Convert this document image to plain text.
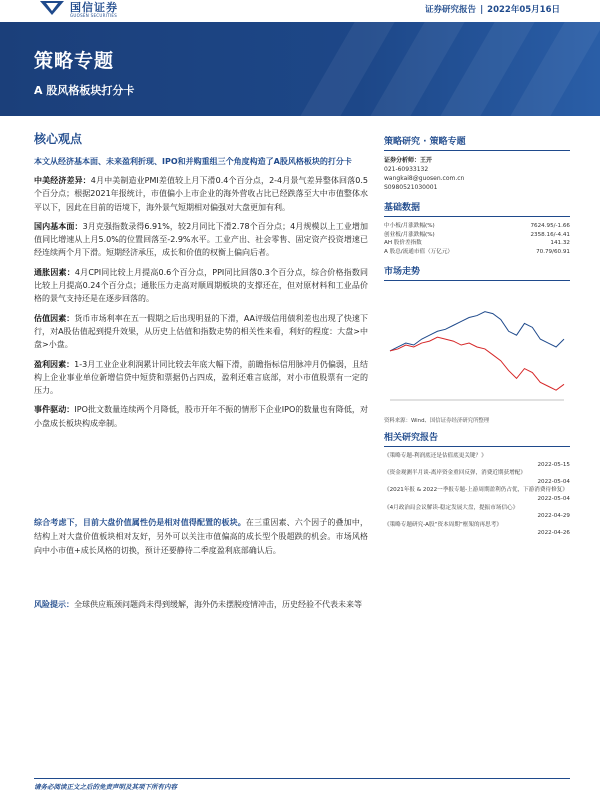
国信证券
GUOSEN SECURITIES
证券研究报告 | 2022年05月16日
策略专题
A 股风格板块打分卡
核心观点
本文从经济基本面、未来盈利折现、IPO和并购重组三个角度构造了A股风格板块的打分卡
中美经济差异：4月中美制造业PMI差值较上月下滑0.4个百分点，2-4月景气差异整体回落0.5个百分点；根据2021年报统计，市值偏小上市企业的海外营收占比已经跌落至大中市值整体水平以下，因此在目前的语境下，海外景气短期相对偏强对大盘更加有利。
国内基本面：3月克强指数录得6.91%，较2月同比下滑2.78个百分点；4月规模以上工业增加值同比增速从上月5.0%的位置回落至-2.9%水平。工业产出、社会零售、固定资产投资增速已经连续两个月下滑。短期经济承压，成长和价值的权衡上偏向后者。
通胀因素：4月CPI同比较上月提高0.6个百分点，PPI同比回落0.3个百分点，综合价格指数同比较上月提高0.24个百分点；通胀压力走高对顺周期板块的支撑还在，但对原材料和工业品价格的景气支持还是在逐步回落的。
估值因素：货币市场利率在五一假期之后出现明显的下滑，AA评级信用债利差也出现了快速下行，对A股估值起到提升效果，从历史上估值和指数走势的相关性来看，利好的程度：大盘>中盘>小盘。
盈利因素：1-3月工业企业利润累计同比较去年底大幅下滑，前瞻指标信用脉冲月仍偏弱，且结构上企业事业单位新增信贷中短贷和票据仍占四成，盈利还难言底部，对小市值股票有一定的压力。
事件驱动：IPO批文数量连续两个月降低，股市开年不振的情形下企业IPO的数量也有降低，对小盘成长板块构成牵制。
综合考虑下，目前大盘价值属性仍是相对值得配置的板块。在三重因素、六个因子的叠加中，结构上对大盘价值板块相对友好，另外可以关注市值偏高的成长型个股超跌的机会。市场风格向中小市值+成长风格的切换，预计还要静待二季度盈利底部确认后。
风险提示：全球供应瓶颈问题尚未得到缓解，海外仍未摆脱疫情冲击，历史经验不代表未来等
策略研究 · 策略专题
证券分析师：王开
021-60933132
wangkai8@guosen.com.cn
S0980521030001
基础数据
中小板/月涨跌幅(%)	7624.95/-1.66
创业板/月涨跌幅(%)	2358.16/-4.41
AH 股价差指数	141.32
A 股总/流通市值（万亿元）	70.79/60.91
市场走势
资料来源：Wind、国信证券经济研究所整理
相关研究报告
《策略专题-利润底还是估值底更关键？》
2022-05-15
《资金观测半月谈-离岸资金重回反弹，消费近期获增配》
2022-05-04
《2021年报 & 2022一季报专题-上游周期盈利仍占优，下游消费待修复》
2022-05-04
《4月政治局会议解读-稳定发展大盘，提振市场信心》
2022-04-29
《策略专题研究-A股“资本周期”框架的再思考》
2022-04-26
请务必阅读正文之后的免责声明及其项下所有内容
